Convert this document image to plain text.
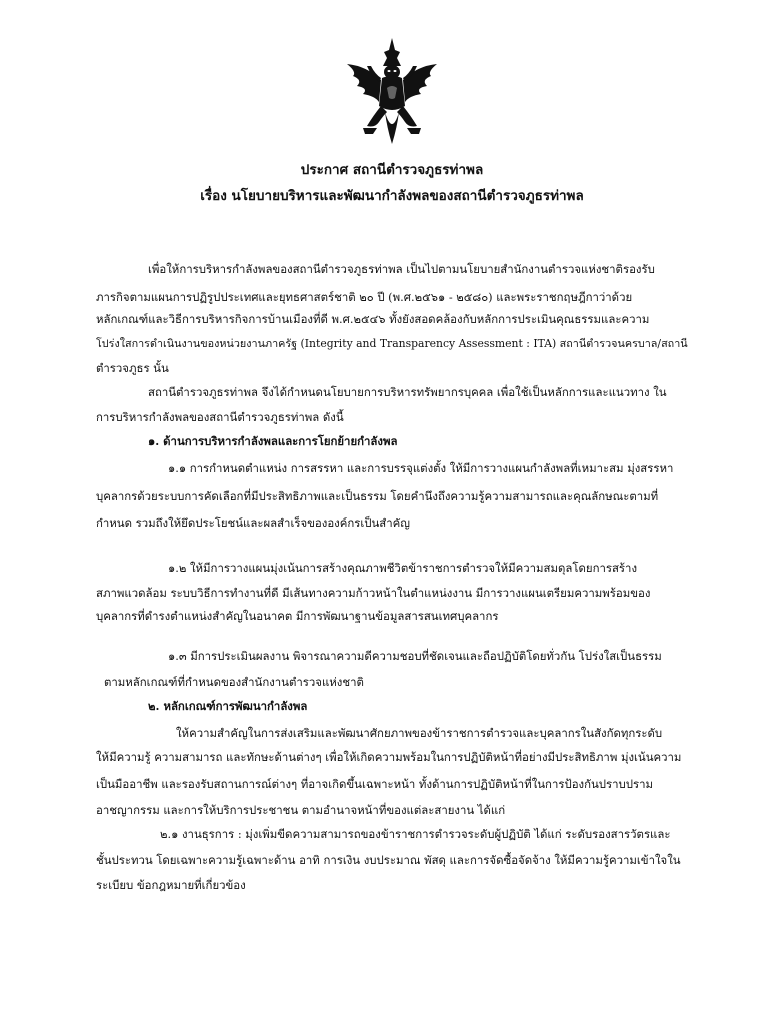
ประกาศ สถานีตำรวจภูธรท่าพล
เรื่อง นโยบายบริหารและพัฒนากำลังพลของสถานีตำรวจภูธรท่าพล
เพื่อให้การบริหารกำลังพลของสถานีตำรวจภูธรท่าพล เป็นไปตามนโยบายสำนักงานตำรวจแห่งชาติรองรับ
ภารกิจตามแผนการปฏิรูปประเทศและยุทธศาสตร์ชาติ ๒๐ ปี (พ.ศ.๒๕๖๑ - ๒๕๘๐) และพระราชกฤษฎีกาว่าด้วย
หลักเกณฑ์และวิธีการบริหารกิจการบ้านเมืองที่ดี พ.ศ.๒๕๔๖ ทั้งยังสอดคล้องกับหลักการประเมินคุณธรรมและความ
โปร่งใสการดำเนินงานของหน่วยงานภาครัฐ (Integrity and Transparency Assessment : ITA) สถานีตำรวจนครบาล/สถานี
ตำรวจภูธร นั้น
สถานีตำรวจภูธรท่าพล จึงได้กำหนดนโยบายการบริหารทรัพยากรบุคคล เพื่อใช้เป็นหลักการและแนวทาง ใน
การบริหารกำลังพลของสถานีตำรวจภูธรท่าพล ดังนี้
๑. ด้านการบริหารกำลังพลและการโยกย้ายกำลังพล
๑.๑ การกำหนดตำแหน่ง การสรรหา และการบรรจุแต่งตั้ง ให้มีการวางแผนกำลังพลที่เหมาะสม มุ่งสรรหา
บุคลากรด้วยระบบการคัดเลือกที่มีประสิทธิภาพและเป็นธรรม โดยคำนึงถึงความรู้ความสามารถและคุณลักษณะตามที่
กำหนด รวมถึงให้ยึดประโยชน์และผลสำเร็จขององค์กรเป็นสำคัญ
๑.๒ ให้มีการวางแผนมุ่งเน้นการสร้างคุณภาพชีวิตข้าราชการตำรวจให้มีความสมดุลโดยการสร้าง
สภาพแวดล้อม ระบบวิธีการทำงานที่ดี มีเส้นทางความก้าวหน้าในตำแหน่งงาน มีการวางแผนเตรียมความพร้อมของ
บุคลากรที่ดำรงตำแหน่งสำคัญในอนาคต มีการพัฒนาฐานข้อมูลสารสนเทศบุคลากร
๑.๓ มีการประเมินผลงาน พิจารณาความดีความชอบที่ชัดเจนและถือปฏิบัติโดยทั่วกัน โปร่งใสเป็นธรรม
ตามหลักเกณฑ์ที่กำหนดของสำนักงานตำรวจแห่งชาติ
๒. หลักเกณฑ์การพัฒนากำลังพล
ให้ความสำคัญในการส่งเสริมและพัฒนาศักยภาพของข้าราชการตำรวจและบุคลากรในสังกัดทุกระดับ
ให้มีความรู้ ความสามารถ และทักษะด้านต่างๆ เพื่อให้เกิดความพร้อมในการปฏิบัติหน้าที่อย่างมีประสิทธิภาพ มุ่งเน้นความ
เป็นมืออาชีพ และรองรับสถานการณ์ต่างๆ ที่อาจเกิดขึ้นเฉพาะหน้า ทั้งด้านการปฏิบัติหน้าที่ในการป้องกันปราบปราม
อาชญากรรม และการให้บริการประชาชน ตามอำนาจหน้าที่ของแต่ละสายงาน ได้แก่
๒.๑ งานธุรการ : มุ่งเพิ่มขีดความสามารถของข้าราชการตำรวจระดับผู้ปฏิบัติ ได้แก่ ระดับรองสารวัตรและ
ชั้นประทวน โดยเฉพาะความรู้เฉพาะด้าน อาทิ การเงิน งบประมาณ พัสดุ และการจัดซื้อจัดจ้าง ให้มีความรู้ความเข้าใจใน
ระเบียบ ข้อกฎหมายที่เกี่ยวข้อง
